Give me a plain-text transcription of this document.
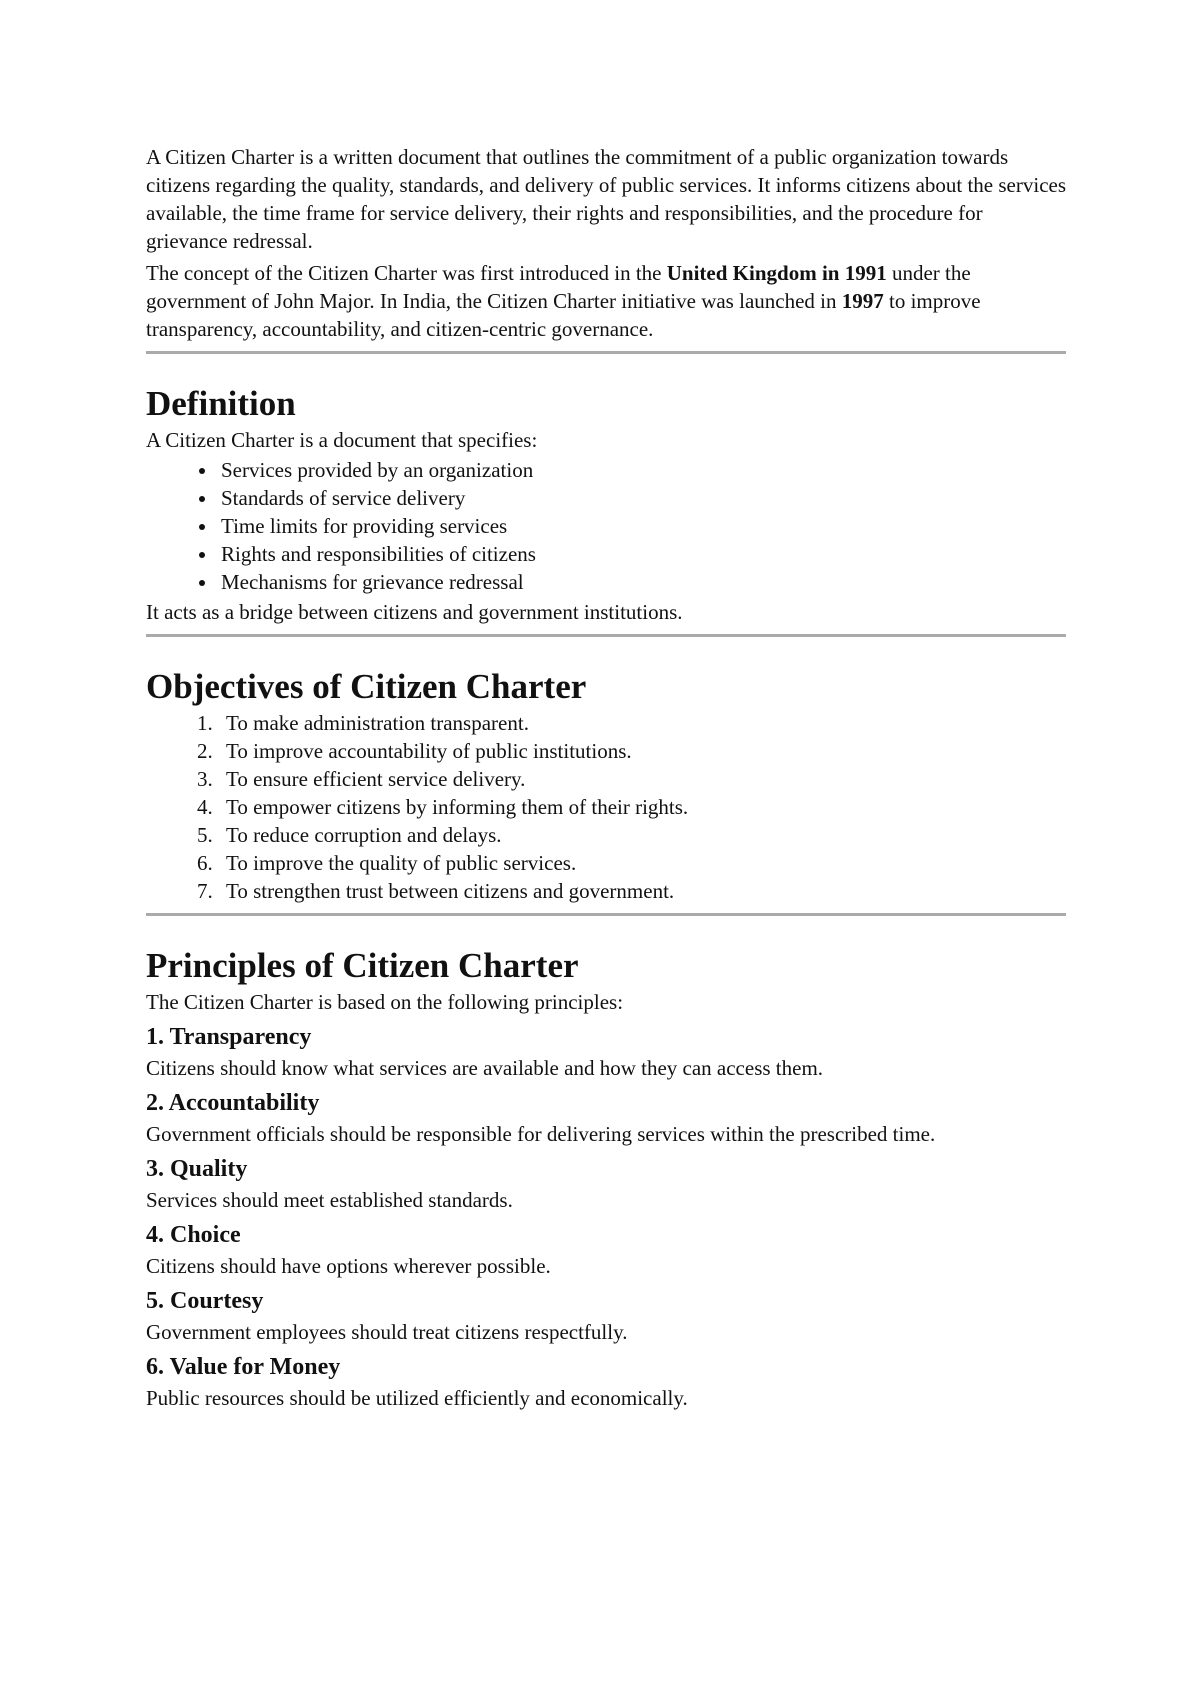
A Citizen Charter is a written document that outlines the commitment of a public organization towards citizens regarding the quality, standards, and delivery of public services. It informs citizens about the services available, the time frame for service delivery, their rights and responsibilities, and the procedure for grievance redressal.

The concept of the Citizen Charter was first introduced in the United Kingdom in 1991 under the government of John Major. In India, the Citizen Charter initiative was launched in 1997 to improve transparency, accountability, and citizen-centric governance.

Definition

A Citizen Charter is a document that specifies:

• Services provided by an organization
• Standards of service delivery
• Time limits for providing services
• Rights and responsibilities of citizens
• Mechanisms for grievance redressal

It acts as a bridge between citizens and government institutions.

Objectives of Citizen Charter
1. To make administration transparent.
2. To improve accountability of public institutions.
3. To ensure efficient service delivery.
4. To empower citizens by informing them of their rights.
5. To reduce corruption and delays.
6. To improve the quality of public services.
7. To strengthen trust between citizens and government.
Principles of Citizen Charter

The Citizen Charter is based on the following principles:

1. Transparency

Citizens should know what services are available and how they can access them.

2. Accountability

Government officials should be responsible for delivering services within the prescribed time.

3. Quality

Services should meet established standards.

4. Choice

Citizens should have options wherever possible.

5. Courtesy

Government employees should treat citizens respectfully.

6. Value for Money

Public resources should be utilized efficiently and economically.
